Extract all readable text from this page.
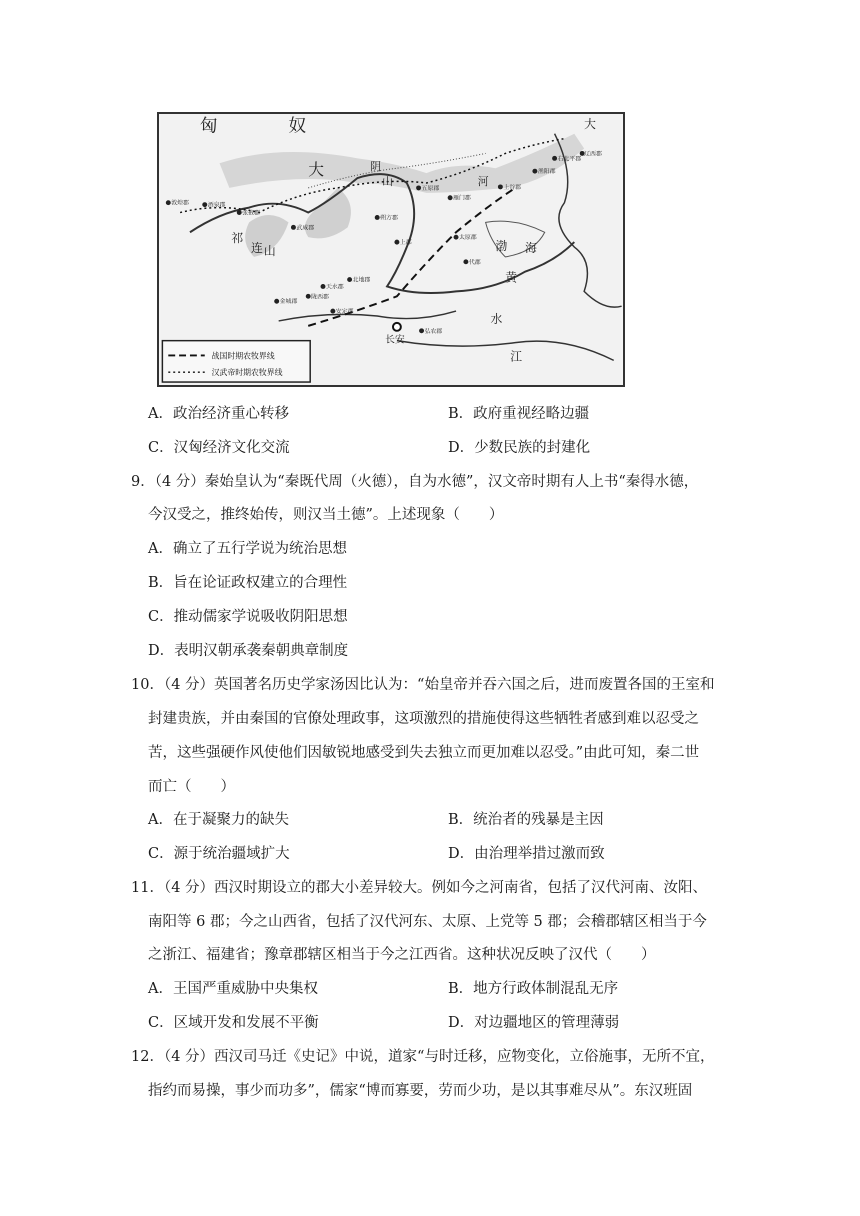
匈	奴	大
大	阴
山
祁
连 山
河
渤 海
黄
水
江
长安
敦煌郡	酒泉郡
张掖郡
武威郡
金城郡
陇西郡
天水郡
安定郡
北地郡
朔方郡
五原郡
雁门郡
上谷郡
渔阳郡
右北平郡
辽西郡
太原郡
代郡
弘农郡
上郡
战国时期农牧界线
汉武帝时期农牧界线
A．政治经济重心转移	B．政府重视经略边疆
C．汉匈经济文化交流	D．少数民族的封建化
9．（4 分）秦始皇认为“秦既代周（火德），自为水德”，汉文帝时期有人上书“秦得水德，
今汉受之，推终始传，则汉当土德”。上述现象（　　）
A．确立了五行学说为统治思想
B．旨在论证政权建立的合理性
C．推动儒家学说吸收阴阳思想
D．表明汉朝承袭秦朝典章制度
10．（4 分）英国著名历史学家汤因比认为：“始皇帝并吞六国之后，进而废置各国的王室和
封建贵族，并由秦国的官僚处理政事，这项激烈的措施使得这些牺牲者感到难以忍受之
苦，这些强硬作风使他们因敏锐地感受到失去独立而更加难以忍受。”由此可知，秦二世
而亡（　　）
A．在于凝聚力的缺失	B．统治者的残暴是主因
C．源于统治疆域扩大	D．由治理举措过激而致
11．（4 分）西汉时期设立的郡大小差异较大。例如今之河南省，包括了汉代河南、汝阳、
南阳等 6 郡；今之山西省，包括了汉代河东、太原、上党等 5 郡；会稽郡辖区相当于今
之浙江、福建省；豫章郡辖区相当于今之江西省。这种状况反映了汉代（　　）
A．王国严重威胁中央集权	B．地方行政体制混乱无序
C．区域开发和发展不平衡	D．对边疆地区的管理薄弱
12．（4 分）西汉司马迁《史记》中说，道家“与时迁移，应物变化，立俗施事，无所不宜，
指约而易操，事少而功多”，儒家“博而寡要，劳而少功，是以其事难尽从”。东汉班固
